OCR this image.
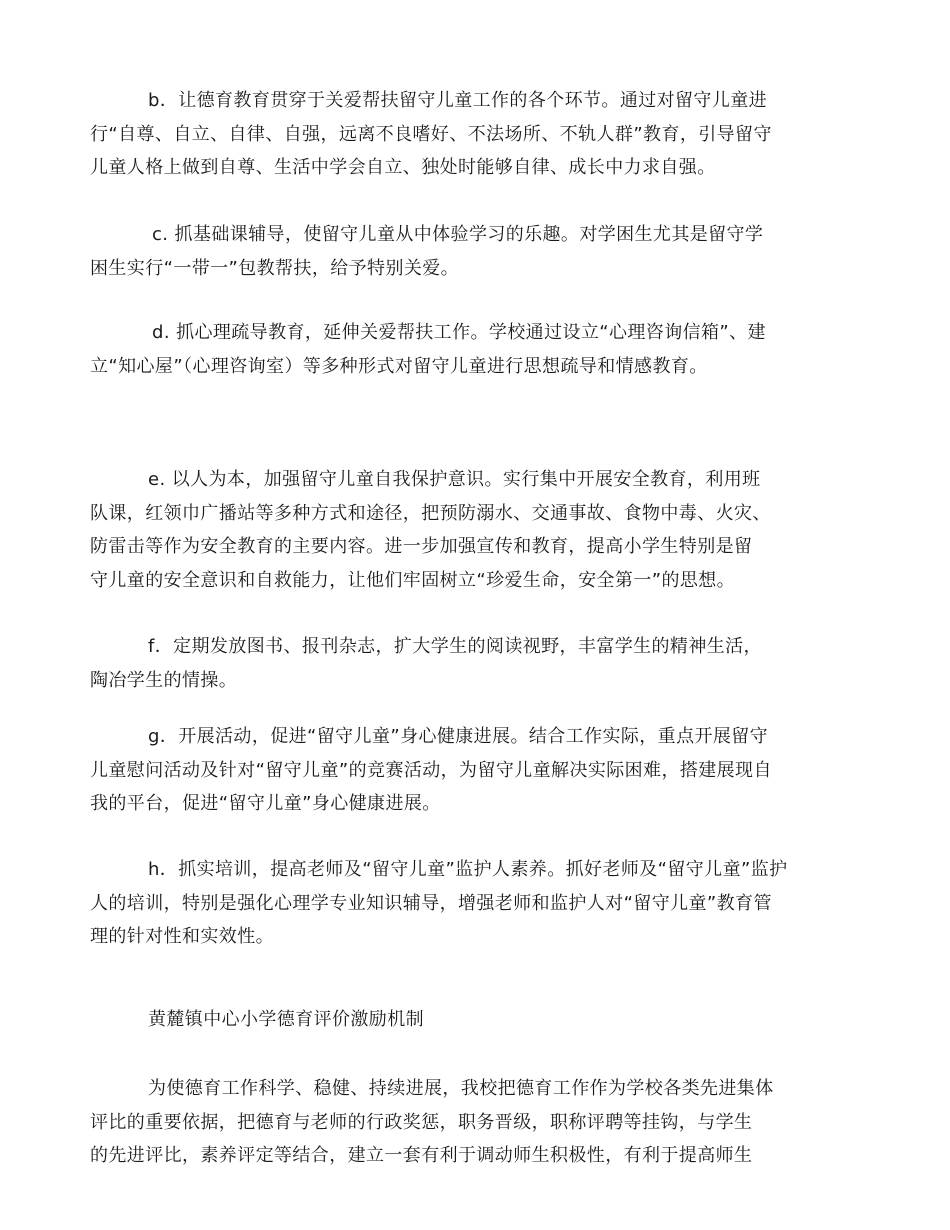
b．让德育教育贯穿于关爱帮扶留守儿童工作的各个环节。通过对留守儿童进
行“自尊、自立、自律、自强，远离不良嗜好、不法场所、不轨人群”教育，引导留守
儿童人格上做到自尊、生活中学会自立、独处时能够自律、成长中力求自强。

c. 抓基础课辅导，使留守儿童从中体验学习的乐趣。对学困生尤其是留守学
困生实行“一带一”包教帮扶，给予特别关爱。

d. 抓心理疏导教育，延伸关爱帮扶工作。学校通过设立“心理咨询信箱”、建
立“知心屋”（心理咨询室）等多种形式对留守儿童进行思想疏导和情感教育。

e. 以人为本，加强留守儿童自我保护意识。实行集中开展安全教育，利用班
队课，红领巾广播站等多种方式和途径，把预防溺水、交通事故、食物中毒、火灾、
防雷击等作为安全教育的主要内容。进一步加强宣传和教育，提高小学生特别是留
守儿童的安全意识和自救能力，让他们牢固树立“珍爱生命，安全第一”的思想。

f．定期发放图书、报刊杂志，扩大学生的阅读视野，丰富学生的精神生活，
陶冶学生的情操。

g．开展活动，促进“留守儿童”身心健康进展。结合工作实际，重点开展留守
儿童慰问活动及针对“留守儿童”的竞赛活动，为留守儿童解决实际困难，搭建展现自
我的平台，促进“留守儿童”身心健康进展。

h．抓实培训，提高老师及“留守儿童”监护人素养。抓好老师及“留守儿童”监护
人的培训，特别是强化心理学专业知识辅导，增强老师和监护人对“留守儿童”教育管
理的针对性和实效性。

黄麓镇中心小学德育评价激励机制

为使德育工作科学、稳健、持续进展，我校把德育工作作为学校各类先进集体
评比的重要依据，把德育与老师的行政奖惩，职务晋级，职称评聘等挂钩，与学生
的先进评比，素养评定等结合，建立一套有利于调动师生积极性，有利于提高师生
